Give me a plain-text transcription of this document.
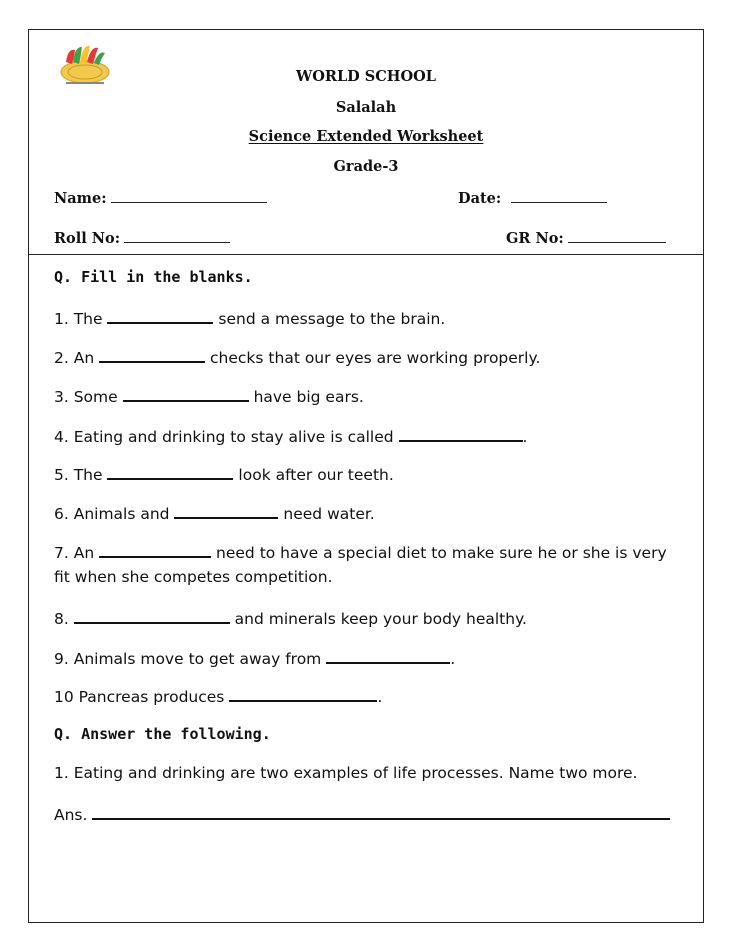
WORLD SCHOOL
Salalah
Science Extended Worksheet
Grade-3
Name:	Date:
Roll No:	GR No:
Q. Fill in the blanks.
1. The	send a message to the brain.
2. An	checks that our eyes are working properly.
3. Some	have big ears.
4. Eating and drinking to stay alive is called	.
5. The	look after our teeth.
6. Animals and	need water.
7. An	need to have a special diet to make sure he or she is very
fit when she competes competition.
8.	and minerals keep your body healthy.
9. Animals move to get away from	.
10 Pancreas produces	.
Q. Answer the following.
1. Eating and drinking are two examples of life processes. Name two more.
Ans.
